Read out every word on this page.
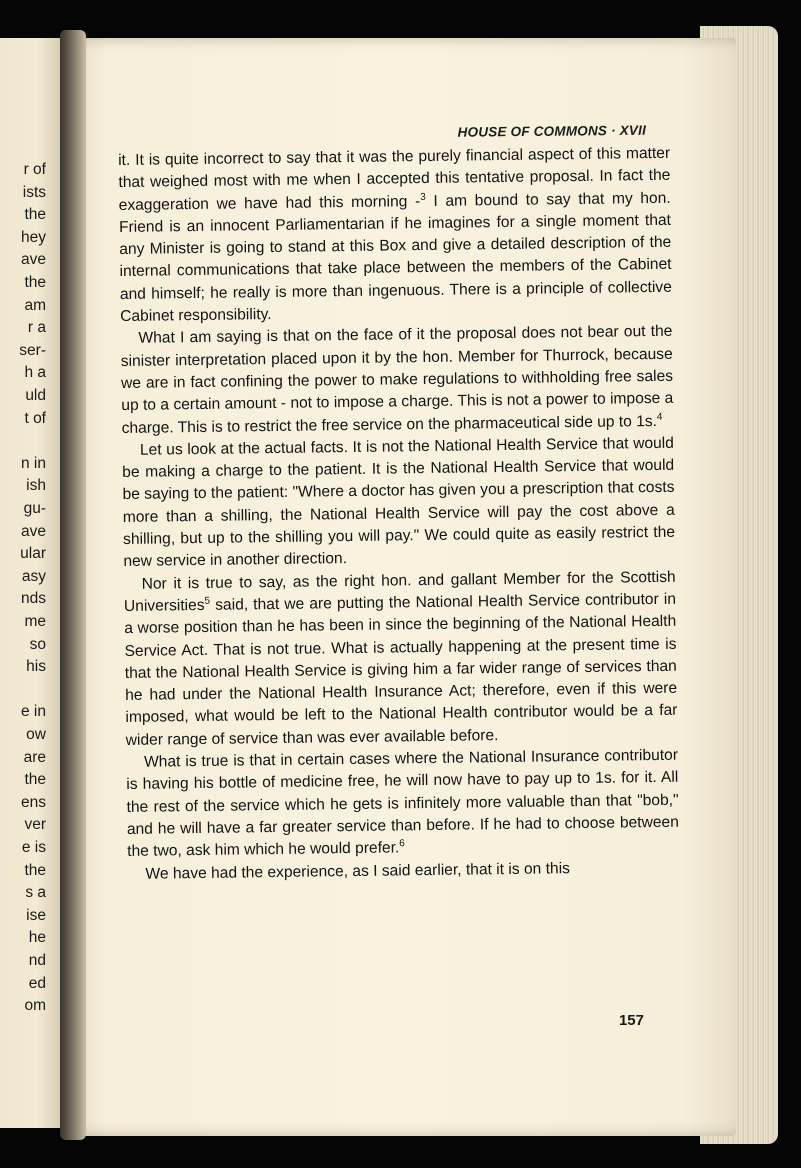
r of
ists
the
hey
ave
the
am
r a
ser-
h a
uld
t of
n in
ish
gu-
ave
ular
asy
nds
me
so
his
e in
ow
are
the
ens
ver
e is
the
s a
ise
he
nd
ed
om
HOUSE OF COMMONS · XVII

it. It is quite incorrect to say that it was the purely financial aspect of this matter that weighed most with me when I accepted this tentative proposal. In fact the exaggeration we have had this morning -$^3$ I am bound to say that my hon. Friend is an innocent Parliamentarian if he imagines for a single moment that any Minister is going to stand at this Box and give a detailed description of the internal communications that take place between the members of the Cabinet and himself; he really is more than ingenuous. There is a principle of collective Cabinet responsibility.

What I am saying is that on the face of it the proposal does not bear out the sinister interpretation placed upon it by the hon. Member for Thurrock, because we are in fact confining the power to make regulations to withholding free sales up to a certain amount - not to impose a charge. This is not a power to impose a charge. This is to restrict the free service on the pharmaceutical side up to 1s.$^4$

Let us look at the actual facts. It is not the National Health Service that would be making a charge to the patient. It is the National Health Service that would be saying to the patient: "Where a doctor has given you a prescription that costs more than a shilling, the National Health Service will pay the cost above a shilling, but up to the shilling you will pay." We could quite as easily restrict the new service in another direction.

Nor it is true to say, as the right hon. and gallant Member for the Scottish Universities$^5$ said, that we are putting the National Health Service contributor in a worse position than he has been in since the beginning of the National Health Service Act. That is not true. What is actually happening at the present time is that the National Health Service is giving him a far wider range of services than he had under the National Health Insurance Act; therefore, even if this were imposed, what would be left to the National Health contributor would be a far wider range of service than was ever available before.

What is true is that in certain cases where the National Insurance contributor is having his bottle of medicine free, he will now have to pay up to 1s. for it. All the rest of the service which he gets is infinitely more valuable than that "bob," and he will have a far greater service than before. If he had to choose between the two, ask him which he would prefer.$^6$

We have had the experience, as I said earlier, that it is on this

157
